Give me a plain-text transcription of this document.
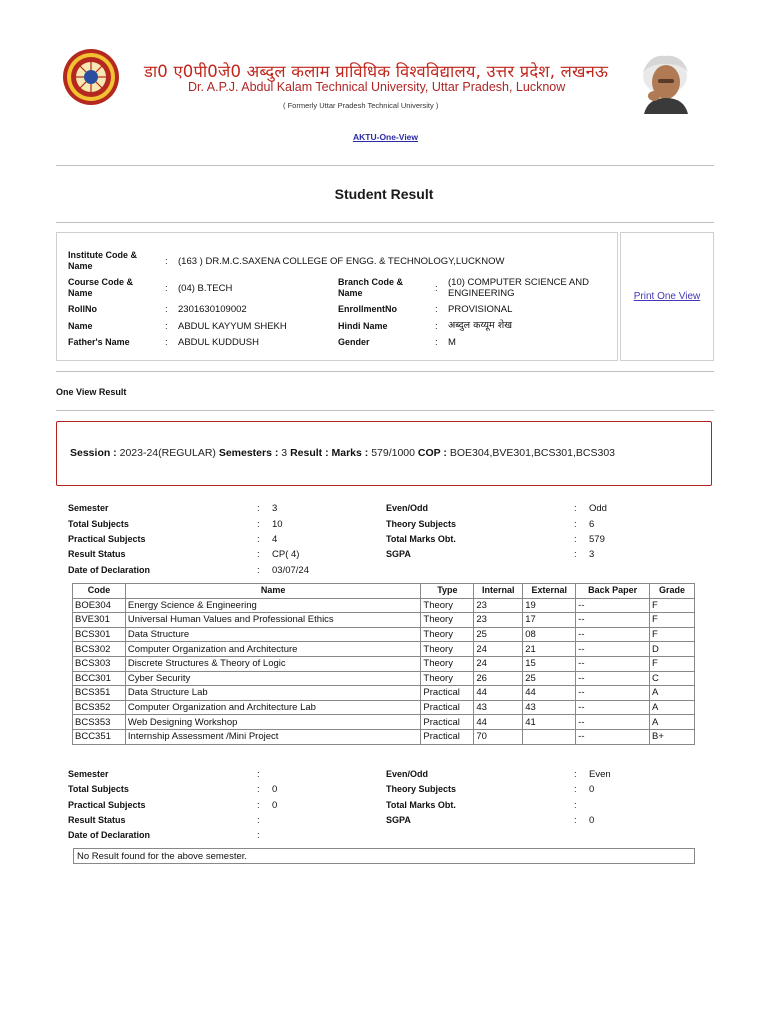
डा0 ए0पी0जे0 अब्दुल कलाम प्राविधिक विश्वविद्यालय, उत्तर प्रदेश, लखनऊ
Dr. A.P.J. Abdul Kalam Technical University, Uttar Pradesh, Lucknow
( Formerly Uttar Pradesh Technical University )
AKTU-One-View
Student Result
Print One View
Institute Code & Name	: (163 ) DR.M.C.SAXENA COLLEGE OF ENGG. & TECHNOLOGY,LUCKNOW
Course Code & Name	: (04) B.TECH
Branch Code & Name	:
(10) COMPUTER SCIENCE AND ENGINEERING
RollNo	: 2301630109002	EnrollmentNo	: PROVISIONAL
Name	: ABDUL KAYYUM SHEKH	Hindi Name	: अब्दुल कय्यूम शेख
Father's Name	: ABDUL KUDDUSH	Gender	: M
One View Result
Session : 2023-24(REGULAR) Semesters : 3 Result : Marks : 579/1000 COP : BOE304,BVE301,BCS301,BCS303
Semester	: 3	Even/Odd	: Odd
Total Subjects	: 10	Theory Subjects	: 6
Practical Subjects	: 4	Total Marks Obt.	: 579
Result Status	: CP( 4)	SGPA	: 3
Date of Declaration	: 03/07/24
Code	Name	Type	Internal	External	Back Paper	Grade
BOE304	Energy Science & Engineering	Theory	23	19	--	F
BVE301	Universal Human Values and Professional Ethics	Theory	23	17	--	F
BCS301	Data Structure	Theory	25	08	--	F
BCS302	Computer Organization and Architecture	Theory	24	21	--	D
BCS303	Discrete Structures & Theory of Logic	Theory	24	15	--	F
BCC301	Cyber Security	Theory	26	25	--	C
BCS351	Data Structure Lab	Practical	44	44	--	A
BCS352	Computer Organization and Architecture Lab	Practical	43	43	--	A
BCS353	Web Designing Workshop	Practical	44	41	--	A
BCC351	Internship Assessment /Mini Project	Practical	70		--	B+
Semester	:	Even/Odd	: Even
Total Subjects	: 0	Theory Subjects	: 0
Practical Subjects	: 0	Total Marks Obt.	:
Result Status	:	SGPA	: 0
Date of Declaration	:
No Result found for the above semester.
